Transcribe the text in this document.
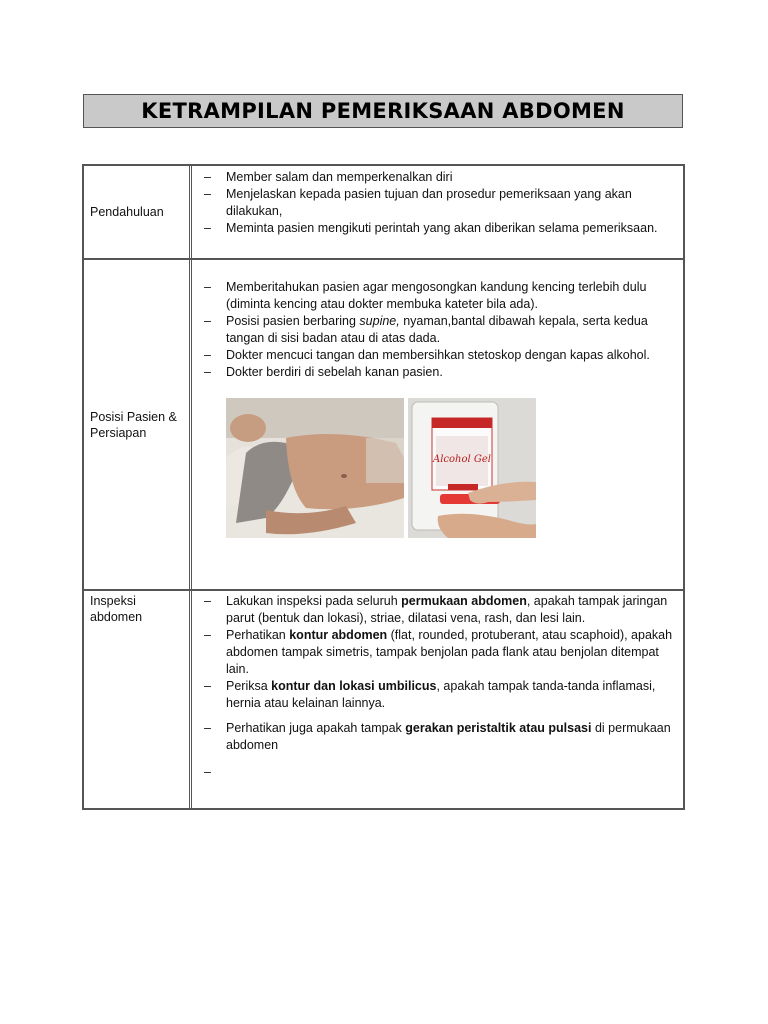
KETRAMPILAN PEMERIKSAAN ABDOMEN
Pendahuluan
–	Member salam dan memperkenalkan diri
–	Menjelaskan kepada pasien tujuan dan prosedur pemeriksaan yang akan dilakukan,
–	Meminta pasien mengikuti perintah yang akan diberikan selama pemeriksaan.
Posisi Pasien & Persiapan
–	Memberitahukan pasien agar mengosongkan kandung kencing terlebih dulu (diminta kencing atau dokter membuka kateter bila ada).
–	Posisi pasien berbaring supine, nyaman,bantal dibawah kepala, serta kedua tangan di sisi badan atau di atas dada.
–	Dokter mencuci tangan dan membersihkan stetoskop dengan kapas alkohol.
–	Dokter berdiri di sebelah kanan pasien.
Alcohol Gel
Inspeksi abdomen
–	Lakukan inspeksi pada seluruh permukaan abdomen, apakah tampak jaringan parut (bentuk dan lokasi), striae, dilatasi vena, rash, dan lesi lain.
–	Perhatikan kontur abdomen (flat, rounded, protuberant, atau scaphoid), apakah abdomen tampak simetris, tampak benjolan pada flank atau benjolan ditempat lain.
–	Periksa kontur dan lokasi umbilicus, apakah tampak tanda-tanda inflamasi, hernia atau kelainan lainnya.
–	Perhatikan juga apakah tampak gerakan peristaltik atau pulsasi di permukaan abdomen
–
